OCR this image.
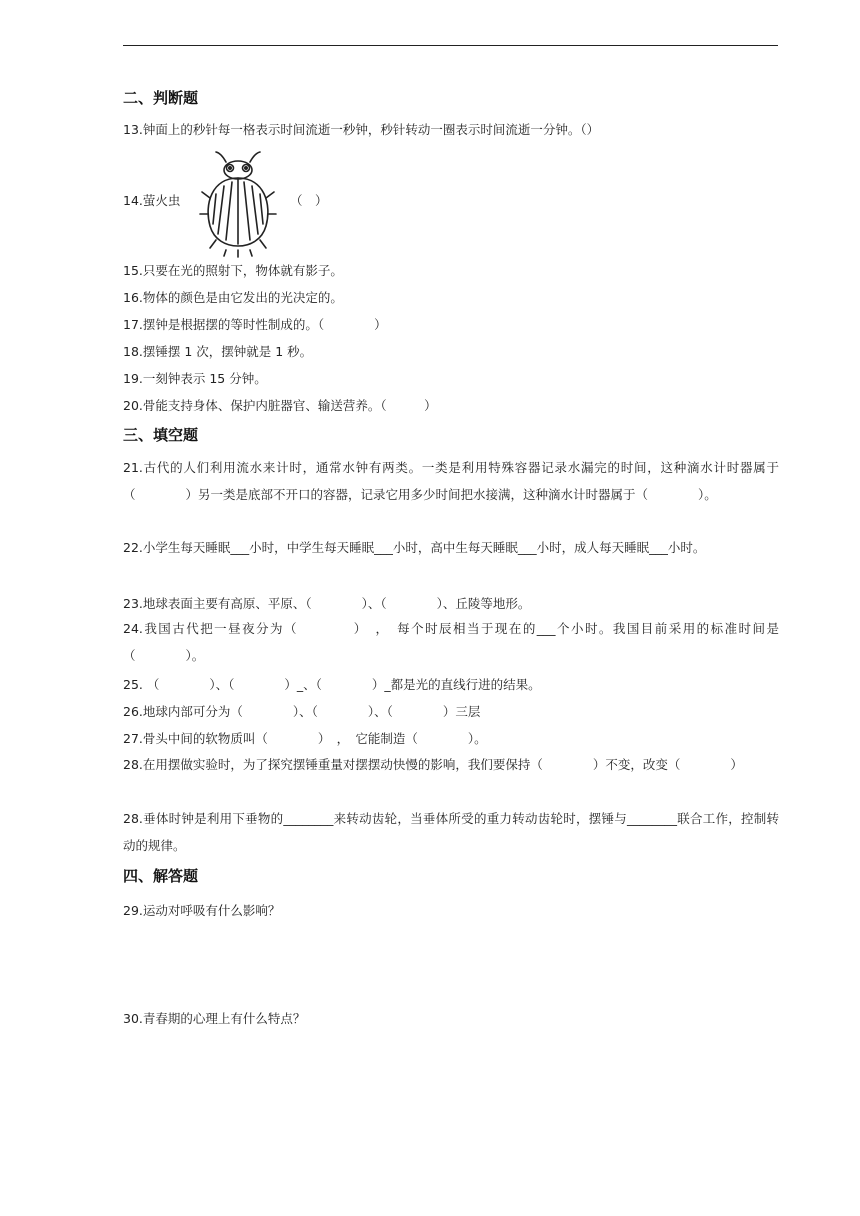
二、判断题
13.钟面上的秒针每一格表示时间流逝一秒钟，秒针转动一圈表示时间流逝一分钟。（）
14.萤火虫	（　）
15.只要在光的照射下，物体就有影子。
16.物体的颜色是由它发出的光决定的。
17.摆钟是根据摆的等时性制成的。（　　　　）
18.摆锤摆 1 次，摆钟就是 1 秒。
19.一刻钟表示 15 分钟。
20.骨能支持身体、保护内脏器官、输送营养。（　　　）
三、填空题
21.古代的人们利用流水来计时，通常水钟有两类。一类是利用特殊容器记录水漏完的时间，这种滴水计时器属于（　　　　）另一类是底部不开口的容器，记录它用多少时间把水接满，这种滴水计时器属于（　　　　）。
22.小学生每天睡眠___小时，中学生每天睡眠___小时，高中生每天睡眠___小时，成人每天睡眠___小时。
23.地球表面主要有高原、平原、（　　　　）、（　　　　）、丘陵等地形。
24.我国古代把一昼夜分为（　　　　）　，　每个时辰相当于现在的___个小时。我国目前采用的标准时间是（　　　　）。
25. （　　　　）、（　　　　）_、（　　　　）_都是光的直线行进的结果。
26.地球内部可分为（　　　　）、（　　　　）、（　　　　）三层
27.骨头中间的软物质叫（　　　　）　，　它能制造（　　　　）。
28.在用摆做实验时，为了探究摆锤重量对摆摆动快慢的影响，我们要保持（　　　　）不变，改变（　　　　）
28.垂体时钟是利用下垂物的________来转动齿轮，当垂体所受的重力转动齿轮时，摆锤与________联合工作，控制转动的规律。
四、解答题
29.运动对呼吸有什么影响？
30.青春期的心理上有什么特点？
